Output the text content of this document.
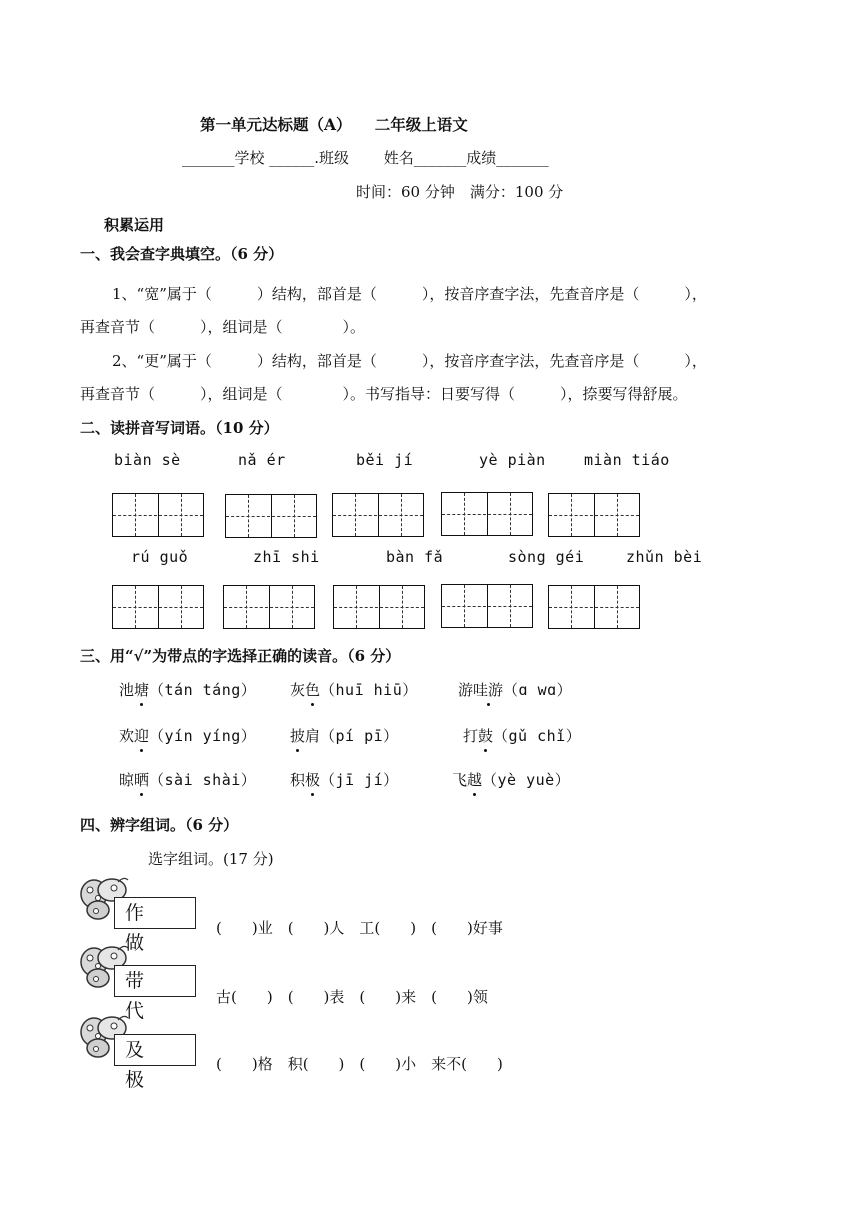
第一单元达标题（A）　　二年级上语文
_______学校 ______.班级　　 姓名_______成绩_______
时间：60 分钟　满分：100 分
积累运用
一、我会查字典填空。（6 分）
1、“宽”属于（　　　）结构，部首是（　　　），按音序查字法，先查音序是（　　　），
再查音节（　　　），组词是（　　　　）。
2、“更”属于（　　　）结构，部首是（　　　），按音序查字法，先查音序是（　　　），
再查音节（　　　），组词是（　　　　）。书写指导：日要写得（　　　），捺要写得舒展。
二、读拼音写词语。（10 分）
biàn sè	nǎ ér	běi jí	yè piàn	miàn tiáo
rú guǒ	zhī shi	bàn fǎ	sòng géi	zhǔn bèi
三、用“√”为带点的字选择正确的读音。（6 分）
池塘（tán táng） 灰色（huī hiū）	游哇游（ɑ wɑ）
欢迎（yín yíng） 披肩（pí pī）	打鼓（gǔ chǐ）
晾晒（sài shài） 积极（jī jí）	飞越（yè yuè）
四、辨字组词。（6 分）
选字组词。(17 分)
作做
(　　)业　(　　)人　工(　　)　(　　)好事
带代
古(　　)　(　　)表　(　　)来　(　　)领
及极
(　　)格　积(　　)　(　　)小　来不(　　)
